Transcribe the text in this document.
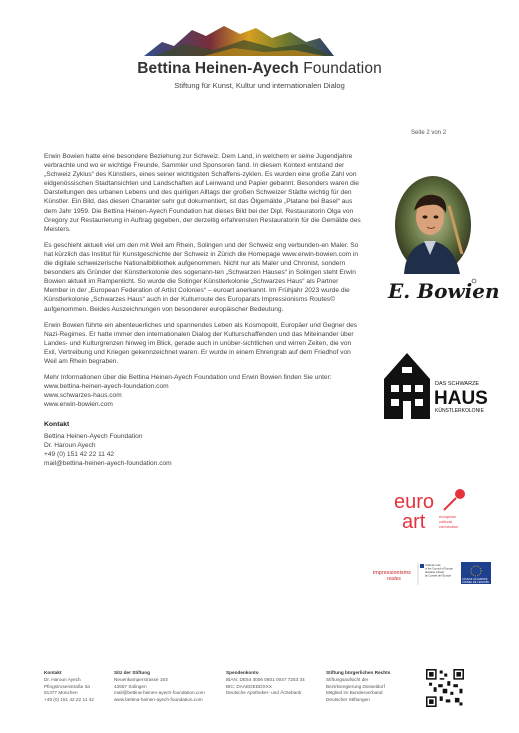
Bettina Heinen-Ayech Foundation
Stiftung für Kunst, Kultur und internationalen Dialog
Seite 2 von 2

Erwin Bowien hatte eine besondere Beziehung zur Schweiz. Dem Land, in welchem er seine Jugendjahre verbrachte und wo er wichtige Freunde, Sammler und Sponsoren fand. In diesem Kontext entstand der „Schweiz Zyklus“ des Künstlers, eines seiner wichtigsten Schaffens-zyklen. Es wurden eine große Zahl von eidgenössischen Stadtansichten und Landschaften auf Leinwand und Papier gebannt. Besonders waren die Darstellungen des urbanen Lebens und des quirligen Alltags der großen Schweizer Städte wichtig für den Künstler. Ein Bild, das diesen Charakter sehr gut dokumentiert, ist das Ölgemälde „Platane bei Basel“ aus dem Jahr 1959. Die Bettina Heinen-Ayech Foundation hat dieses Bild bei der Dipl. Restauratorin Olga von Gregory zur Restaurierung in Auftrag gegeben, der derzeitig erfahrensten Restauratorin für die Gemälde des Meisters.

Es geschieht aktuell viel um den mit Weil am Rhein, Solingen und der Schweiz eng verbunden-en Maler. So hat kürzlich das Institut für Kunstgeschichte der Schweiz in Zürich die Homepage www.erwin-bowien.com in die digitale schweizerische Nationalbibliothek aufgenommen. Nicht nur als Maler und Chronist, sondern besonders als Gründer der Künstlerkolonie des sogenann-ten „Schwarzen Hauses“ in Solingen steht Erwin Bowien aktuell im Rampenlicht. So wurde die Solinger Künstlerkolonie „Schwarzes Haus“ als Partner Member in der „European Federation of Artist Colonies“ – euroart anerkannt. Im Frühjahr 2023 wurde die Künstlerkolonie „Schwarzes Haus“ auch in der Kulturroute des Europarats Impressionisms Routes© aufgenommen. Beides Auszeichnungen von besonderer europäischer Bedeutung.

Erwin Bowien führte ein abenteuerliches und spannendes Leben als Kosmopolit, Europäer und Gegner des Nazi-Regimes. Er hatte immer den internationalen Dialog der Kulturschaffenden und das Miteinander über Landes- und Kulturgrenzen hinweg im Blick, gerade auch in unüber-sichtlichen und wirren Zeiten, die von Exil, Vertreibung und Kriegen gekennzeichnet waren. Er wurde in einem Ehrengrab auf dem Friedhof von Weil am Rhein begraben.

Mehr Informationen über die Bettina Heinen-Ayech Foundation und Erwin Bowien finden Sie unter:
www.bettina-heinen-ayech-foundation.com
www.schwarzes-haus.com
www.erwin-bowien.com
Kontakt
Bettina Heinen-Ayech Foundation
Dr. Haroun Ayech
+49 (0) 151 42 22 11 42
mail@bettina-heinen-ayech-foundation.com
E. Bowien
DAS SCHWARZE
HAUS
KÜNSTLERKOLONIE
euro
art	european
cultural
connection
impressionisms
routes
Cultural route
of the Council of Europe
Itinéraire culturel
du Conseil de l'Europe
COUNCIL OF EUROPE
CONSEIL DE L'EUROPE
Kontakt
Dr. Haroun Ayech
Pfingstrosenstraße 3a
81377 München
+49 (0) 151 42 22 11 42
Sitz der Stiftung
Neuenkamperstrasse 163
42657 Solingen
mail@bettina-heinen-ayech-foundation.com
www.bettina-heinen-ayech-foundation.com
Spendenkonto
IBAN: DE54 3006 0601 0047 7253 34
BIC: DAAEDEDDXXX
Deutsche Apotheker- und Ärztebank
Stiftung bürgerlichen Rechts
Stiftungsaufsicht der
Bezirksregierung Düsseldorf
Mitglied im Bundesverband
Deutscher Stiftungen
